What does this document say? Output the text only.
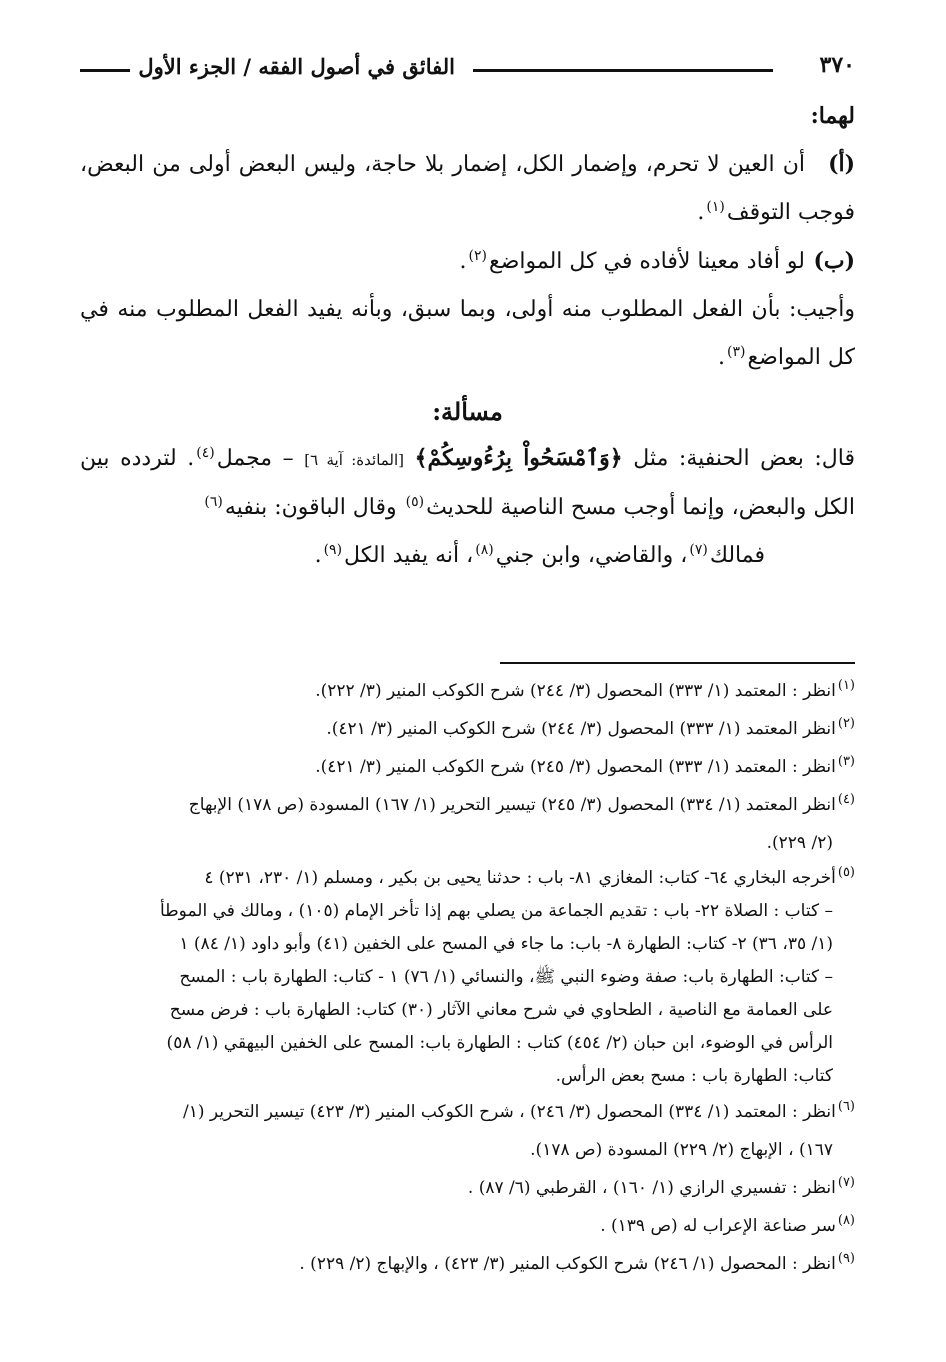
٣٧٠
الفائق في أصول الفقه / الجزء الأول

لهما:

(أ)أن العين لا تحرم، وإضمار الكل، إضمار بلا حاجة، وليس البعض أولى من البعض، فوجب التوقف$^{(١)}$.

(ب)لو أفاد معينا لأفاده في كل المواضع$^{(٢)}$.

وأجيب: بأن الفعل المطلوب منه أولى، وبما سبق، وبأنه يفيد الفعل المطلوب منه في كل المواضع$^{(٣)}$.

مسألة:

قال: بعض الحنفية: مثل ﴿وَٱمْسَحُواْ بِرُءُوسِكُمْ﴾ [المائدة: آية ٦] – مجمل$^{(٤)}$. لتردده بين الكل والبعض، وإنما أوجب مسح الناصية للحديث$^{(٥)}$ وقال الباقون: بنفيه$^{(٦)}$

فمالك$^{(٧)}$، والقاضي، وابن جني$^{(٨)}$، أنه يفيد الكل$^{(٩)}$.

$^{(١)}$انظر : المعتمد (١/ ٣٣٣) المحصول (٣/ ٢٤٤) شرح الكوكب المنير (٣/ ٢٢٢).

$^{(٢)}$انظر المعتمد (١/ ٣٣٣) المحصول (٣/ ٢٤٤) شرح الكوكب المنير (٣/ ٤٢١).

$^{(٣)}$انظر : المعتمد (١/ ٣٣٣) المحصول (٣/ ٢٤٥) شرح الكوكب المنير (٣/ ٤٢١).

$^{(٤)}$انظر المعتمد (١/ ٣٣٤) المحصول (٣/ ٢٤٥) تيسير التحرير (١/ ١٦٧) المسودة (ص ١٧٨) الإبهاج
(٢/ ٢٢٩).

$^{(٥)}$أخرجه البخاري ٦٤- كتاب: المغازي ٨١- باب : حدثنا يحيى بن بكير ، ومسلم (١/ ٢٣٠، ٢٣١) ٤
– كتاب : الصلاة ٢٢- باب : تقديم الجماعة من يصلي بهم إذا تأخر الإمام (١٠٥) ، ومالك في الموطأ
(١/ ٣٥، ٣٦) ٢- كتاب: الطهارة ٨- باب: ما جاء في المسح على الخفين (٤١) وأبو داود (١/ ٨٤) ١
– كتاب: الطهارة باب: صفة وضوء النبي ﷺ، والنسائي (١/ ٧٦) ١ - كتاب: الطهارة باب : المسح
على العمامة مع الناصية ، الطحاوي في شرح معاني الآثار (٣٠) كتاب: الطهارة باب : فرض مسح
الرأس في الوضوء، ابن حبان (٢/ ٤٥٤) كتاب : الطهارة باب: المسح على الخفين البيهقي (١/ ٥٨)
كتاب: الطهارة باب : مسح بعض الرأس.

$^{(٦)}$انظر : المعتمد (١/ ٣٣٤) المحصول (٣/ ٢٤٦) ، شرح الكوكب المنير (٣/ ٤٢٣) تيسير التحرير (١/
١٦٧) ، الإبهاج (٢/ ٢٢٩) المسودة (ص ١٧٨).

$^{(٧)}$انظر : تفسيري الرازي (١/ ١٦٠) ، القرطبي (٦/ ٨٧) .

$^{(٨)}$سر صناعة الإعراب له (ص ١٣٩) .

$^{(٩)}$انظر : المحصول (١/ ٢٤٦) شرح الكوكب المنير (٣/ ٤٢٣) ، والإبهاج (٢/ ٢٢٩) .
